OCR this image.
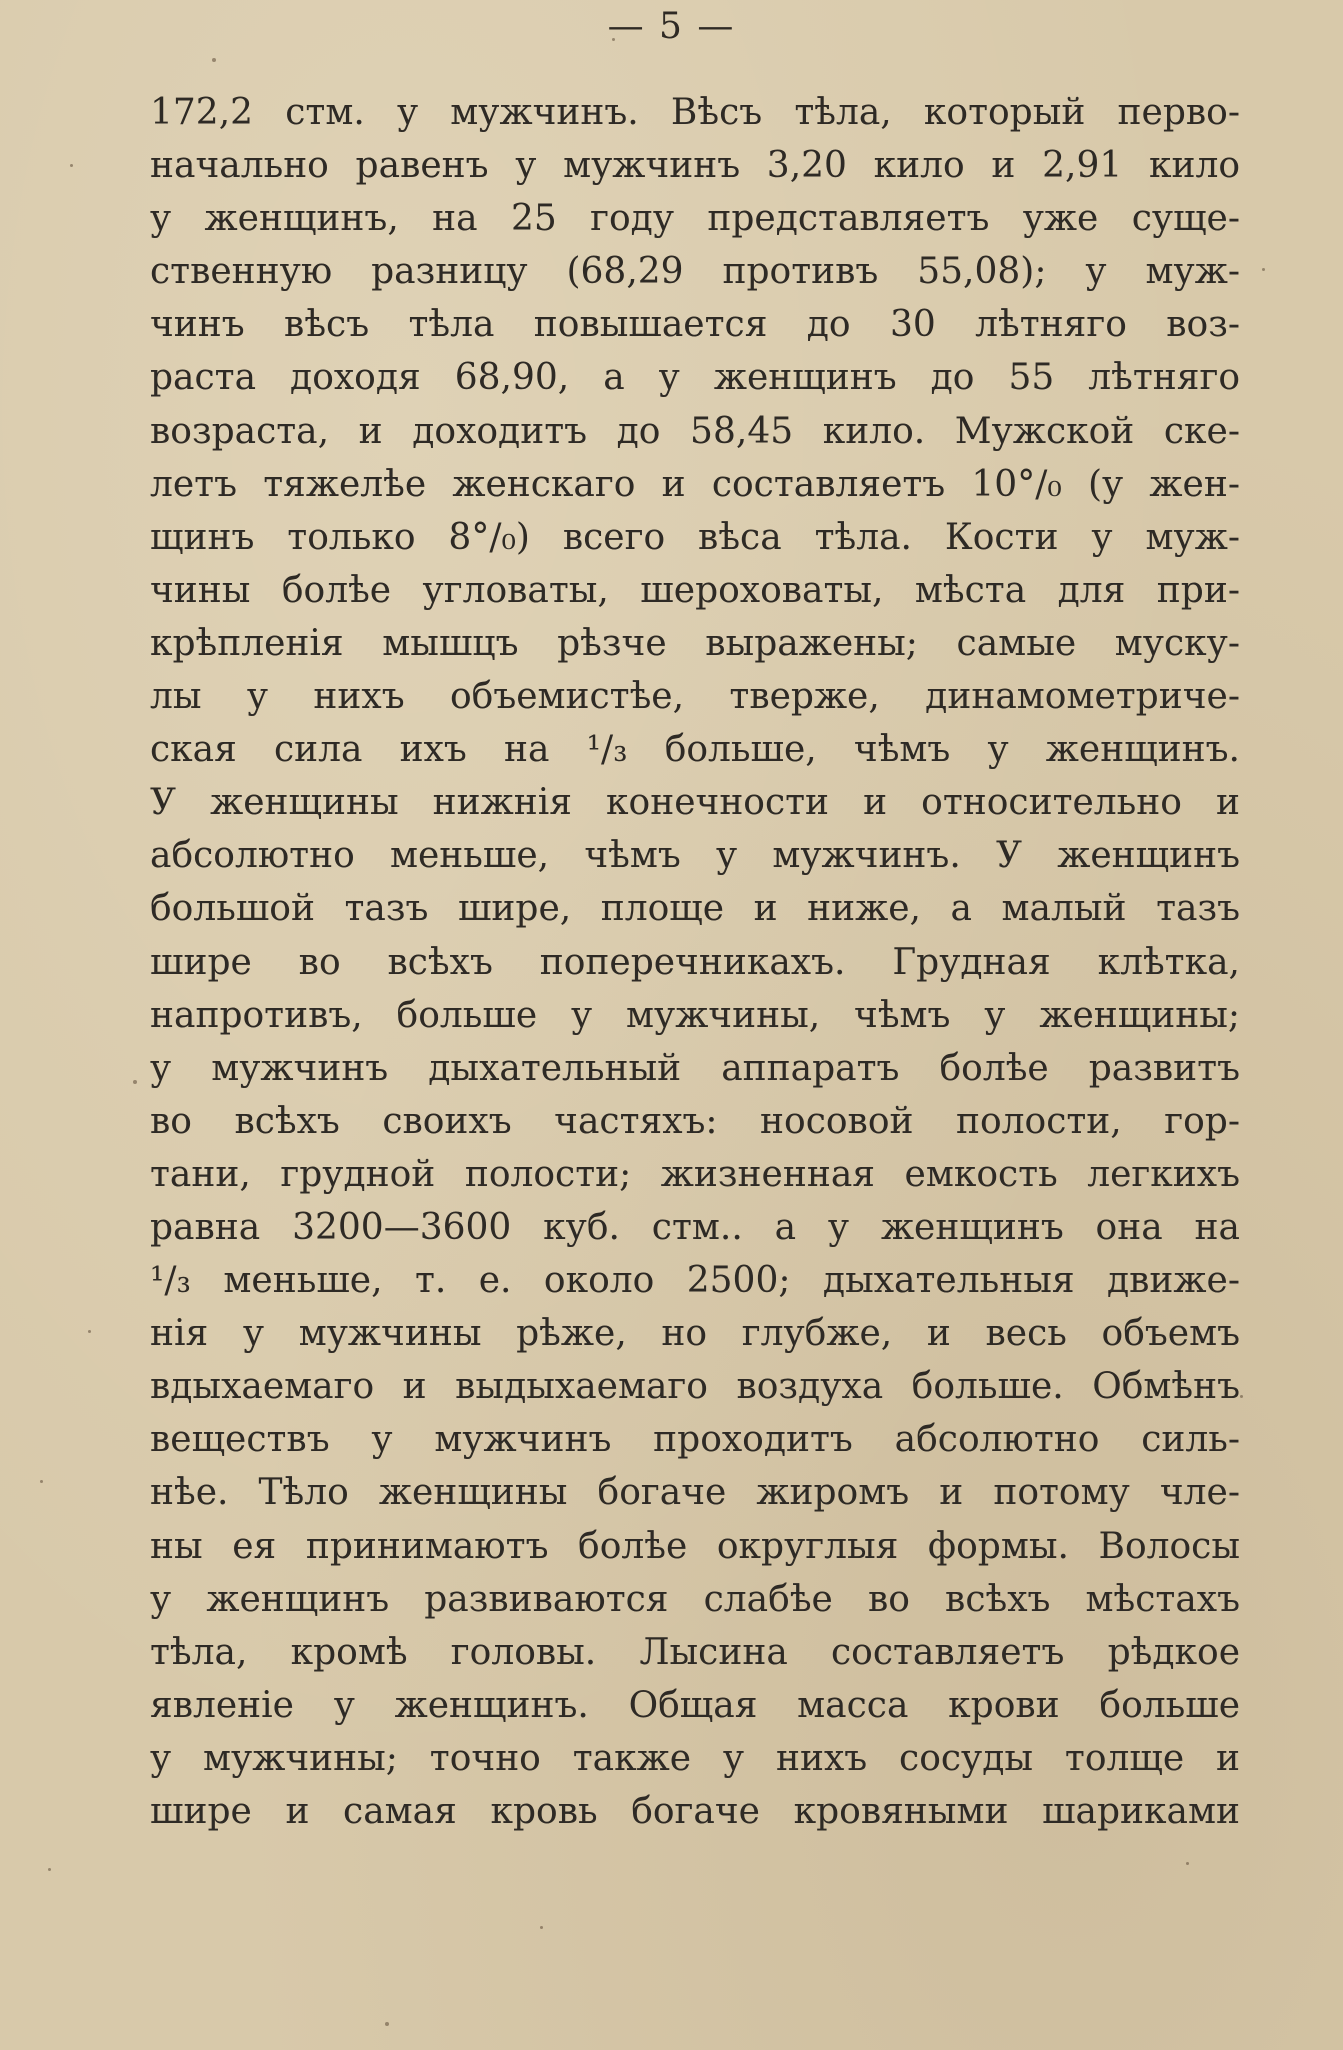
— 5 —
172,2 стм. у мужчинъ. Вѣсъ тѣла, который перво-
начально равенъ у мужчинъ 3,20 кило и 2,91 кило
у женщинъ, на 25 году представляетъ уже суще-
ственную разницу (68,29 противъ 55,08); у муж-
чинъ вѣсъ тѣла повышается до 30 лѣтняго воз-
раста доходя 68,90, а у женщинъ до 55 лѣтняго
возраста, и доходитъ до 58,45 кило. Мужской ске-
летъ тяжелѣе женскаго и составляетъ 10°/₀ (у жен-
щинъ только 8°/₀) всего вѣса тѣла. Кости у муж-
чины болѣе угловаты, шероховаты, мѣста для при-
крѣпленія мышцъ рѣзче выражены; самые муску-
лы у нихъ объемистѣе, тверже, динамометриче-
ская сила ихъ на ¹/₃ больше, чѣмъ у женщинъ.
У женщины нижнія конечности и относительно и
абсолютно меньше, чѣмъ у мужчинъ. У женщинъ
большой тазъ шире, площе и ниже, а малый тазъ
шире во всѣхъ поперечникахъ. Грудная клѣтка,
напротивъ, больше у мужчины, чѣмъ у женщины;
у мужчинъ дыхательный аппаратъ болѣе развитъ
во всѣхъ своихъ частяхъ: носовой полости, гор-
тани, грудной полости; жизненная емкость легкихъ
равна 3200—3600 куб. стм.. а у женщинъ она на
¹/₃ меньше, т. е. около 2500; дыхательныя движе-
нія у мужчины рѣже, но глубже, и весь объемъ
вдыхаемаго и выдыхаемаго воздуха больше. Обмѣнъ
веществъ у мужчинъ проходитъ абсолютно силь-
нѣе. Тѣло женщины богаче жиромъ и потому чле-
ны ея принимаютъ болѣе округлыя формы. Волосы
у женщинъ развиваются слабѣе во всѣхъ мѣстахъ
тѣла, кромѣ головы. Лысина составляетъ рѣдкое
явленіе у женщинъ. Общая масса крови больше
у мужчины; точно также у нихъ сосуды толще и
шире и самая кровь богаче кровяными шариками
